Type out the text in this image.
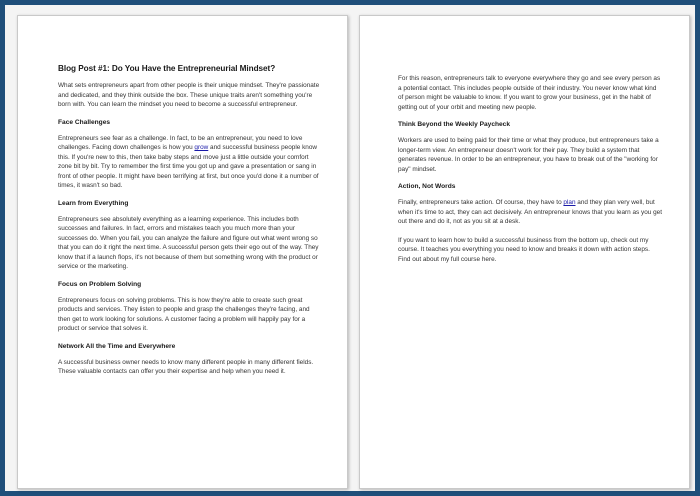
Blog Post #1: Do You Have the Entrepreneurial Mindset?

What sets entrepreneurs apart from other people is their unique mindset. They're passionate and dedicated, and they think outside the box. These unique traits aren't something you're born with. You can learn the mindset you need to become a successful entrepreneur.

Face Challenges

Entrepreneurs see fear as a challenge. In fact, to be an entrepreneur, you need to love challenges. Facing down challenges is how you grow and successful business people know this. If you're new to this, then take baby steps and move just a little outside your comfort zone bit by bit. Try to remember the first time you got up and gave a presentation or sang in front of other people. It might have been terrifying at first, but once you'd done it a number of times, it wasn't so bad.

Learn from Everything

Entrepreneurs see absolutely everything as a learning experience. This includes both successes and failures. In fact, errors and mistakes teach you much more than your successes do. When you fail, you can analyze the failure and figure out what went wrong so that you can do it right the next time. A successful person gets their ego out of the way. They know that if a launch flops, it's not because of them but something wrong with the product or service or the marketing.

Focus on Problem Solving

Entrepreneurs focus on solving problems. This is how they're able to create such great products and services. They listen to people and grasp the challenges they're facing, and then get to work looking for solutions. A customer facing a problem will happily pay for a product or service that solves it.

Network All the Time and Everywhere

A successful business owner needs to know many different people in many different fields. These valuable contacts can offer you their expertise and help when you need it.

For this reason, entrepreneurs talk to everyone everywhere they go and see every person as a potential contact. This includes people outside of their industry. You never know what kind of person might be valuable to know. If you want to grow your business, get in the habit of getting out of your orbit and meeting new people.

Think Beyond the Weekly Paycheck

Workers are used to being paid for their time or what they produce, but entrepreneurs take a longer-term view. An entrepreneur doesn't work for their pay. They build a system that generates revenue. In order to be an entrepreneur, you have to break out of the "working for pay" mindset.

Action, Not Words

Finally, entrepreneurs take action. Of course, they have to plan and they plan very well, but when it's time to act, they can act decisively. An entrepreneur knows that you learn as you get out there and do it, not as you sit at a desk.

If you want to learn how to build a successful business from the bottom up, check out my course. It teaches you everything you need to know and breaks it down with action steps. Find out about my full course here.
